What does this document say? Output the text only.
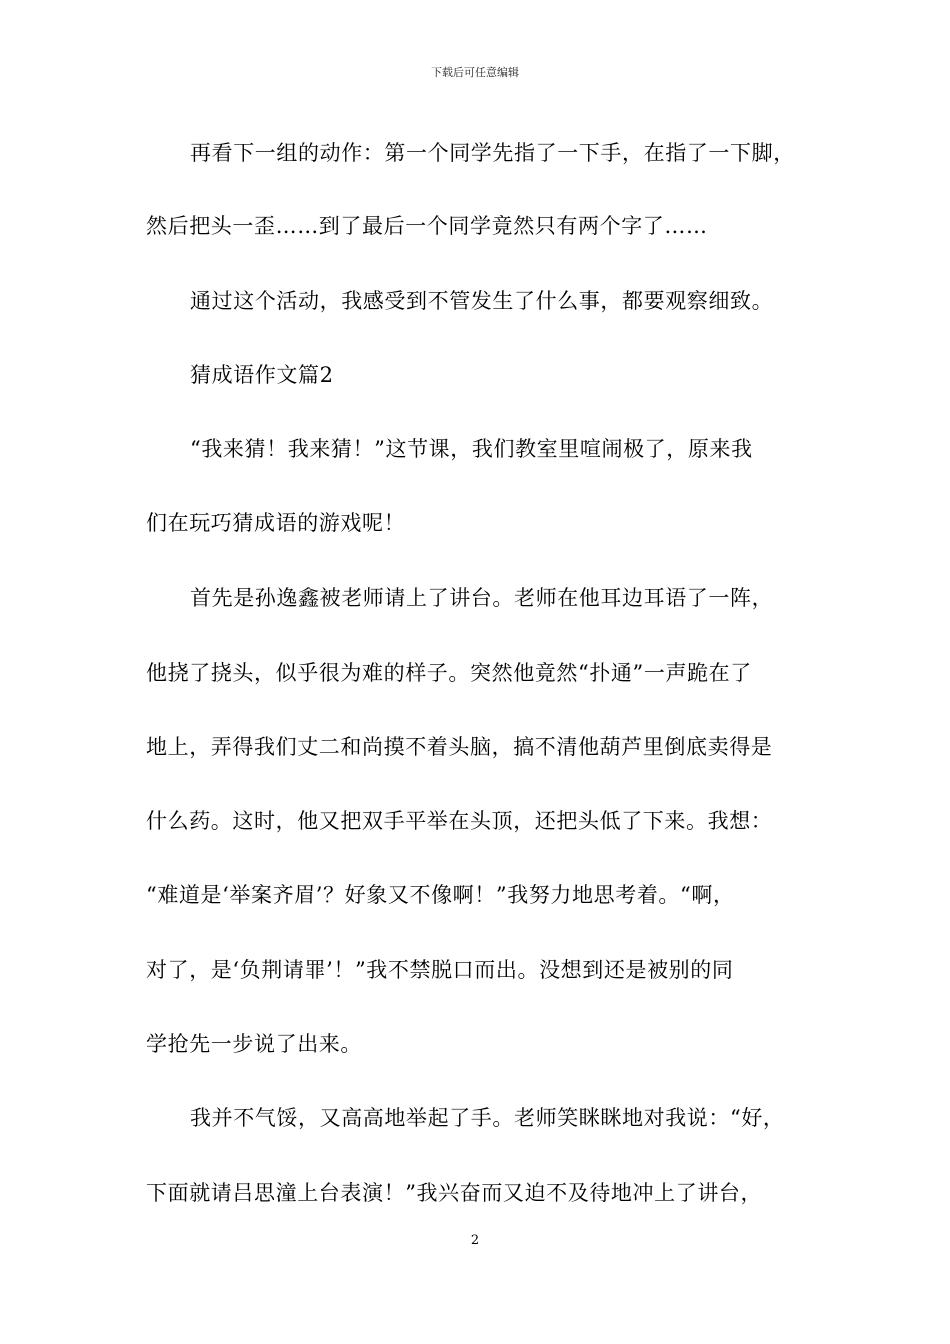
下载后可任意编辑
再看下一组的动作：第一个同学先指了一下手，在指了一下脚，
然后把头一歪……到了最后一个同学竟然只有两个字了……
通过这个活动，我感受到不管发生了什么事，都要观察细致。
猜成语作文篇2
“我来猜！我来猜！”这节课，我们教室里喧闹极了，原来我
们在玩巧猜成语的游戏呢！
首先是孙逸鑫被老师请上了讲台。老师在他耳边耳语了一阵，
他挠了挠头，似乎很为难的样子。突然他竟然“扑通”一声跪在了
地上，弄得我们丈二和尚摸不着头脑，搞不清他葫芦里倒底卖得是
什么药。这时，他又把双手平举在头顶，还把头低了下来。我想：
“难道是‘举案齐眉’？好象又不像啊！”我努力地思考着。“啊，
对了，是‘负荆请罪’！”我不禁脱口而出。没想到还是被别的同
学抢先一步说了出来。
我并不气馁，又高高地举起了手。老师笑眯眯地对我说：“好，
下面就请吕思潼上台表演！”我兴奋而又迫不及待地冲上了讲台，
2
